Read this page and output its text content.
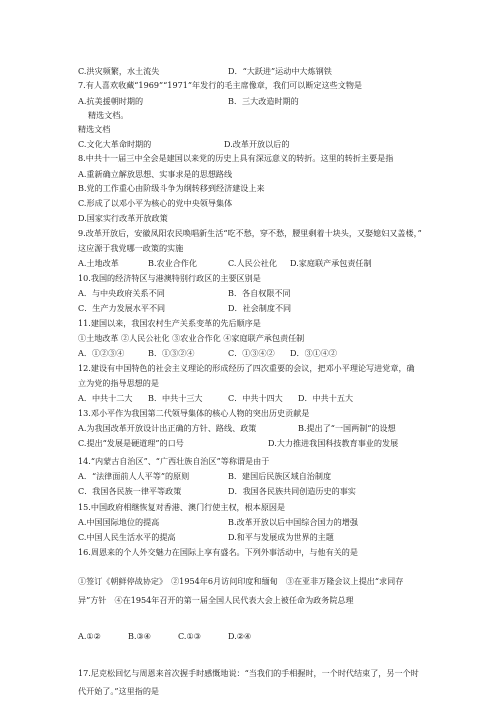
C.洪灾频繁，水土流失	D．“大跃进”运动中大炼钢铁
7.有人喜欢收藏“1969”“1971”年发行的毛主席像章，我们可以断定这些文物是
A.抗美援朝时期的	B．三大改造时期的
精选文档。
精选文档
C.文化大革命时期的	D.改革开放以后的
8.中共十一届三中全会是建国以来党的历史上具有深远意义的转折。这里的转折主要是指
A.重新确立解放思想、实事求是的思想路线
B.党的工作重心由阶级斗争为纲转移到经济建设上来
C.形成了以邓小平为核心的党中央领导集体
D.国家实行改革开放政策
9.改革开放后，安徽凤阳农民唤唱新生活“吃不愁，穿不愁，腰里剩着十块头，又娶媳妇又盖楼，”
这应源于我党哪一政策的实施
A.土地改革	B.农业合作化	C.人民公社化 D.家庭联产承包责任制
10.我国的经济特区与港澳特别行政区的主要区别是
A．与中央政府关系不同	B．各自权限不同
C．生产力发展水平不同	D．社会制度不同
11.建国以来，我国农村生产关系变革的先后顺序是
①土地改革 ②人民公社化 ③农业合作化 ④家庭联产承包责任制
A．①②③④	B．①③②④	C．①③④② D．③①④②
12.建设有中国特色的社会主义理论的形成经历了四次重要的会议，把邓小平理论写进党章，确
立为党的指导思想的是
A．中共十二大 B．中共十三大	C．中共十四大 D．中共十五大
13.邓小平作为我国第二代领导集体的核心人物的突出历史贡献是
A.为我国改革开放设计出正确的方针、路线、政策	B.提出了“一国两制”的设想
C.提出“发展是硬道理”的口号	D.大力推进我国科技教育事业的发展
14.“内蒙古自治区”、“广西壮族自治区”等称谓是由于
A．“法律面前人人平等”的原则	B．建国后民族区域自治制度
C．我国各民族一律平等政策	D．我国各民族共同创造历史的事实
15.中国政府相继恢复对香港、澳门行使主权，根本原因是
A.中国国际地位的提高	B.改革开放以后中国综合国力的增强
C.中国人民生活水平的提高	D.和平与发展成为世界的主题
16.周恩来的个人外交魅力在国际上享有盛名。下列外事活动中，与他有关的是
①签订《朝鲜停战协定》　②1954年6月访问印度和缅甸　③在亚非万隆会议上提出“求同存
异”方针　④在1954年召开的第一届全国人民代表大会上被任命为政务院总理
A.①②	B.③④	C.①③	D.②④
17.尼克松回忆与周恩来首次握手时感慨地说：“当我们的手相握时，一个时代结束了，另一个时
代开始了。”这里指的是
